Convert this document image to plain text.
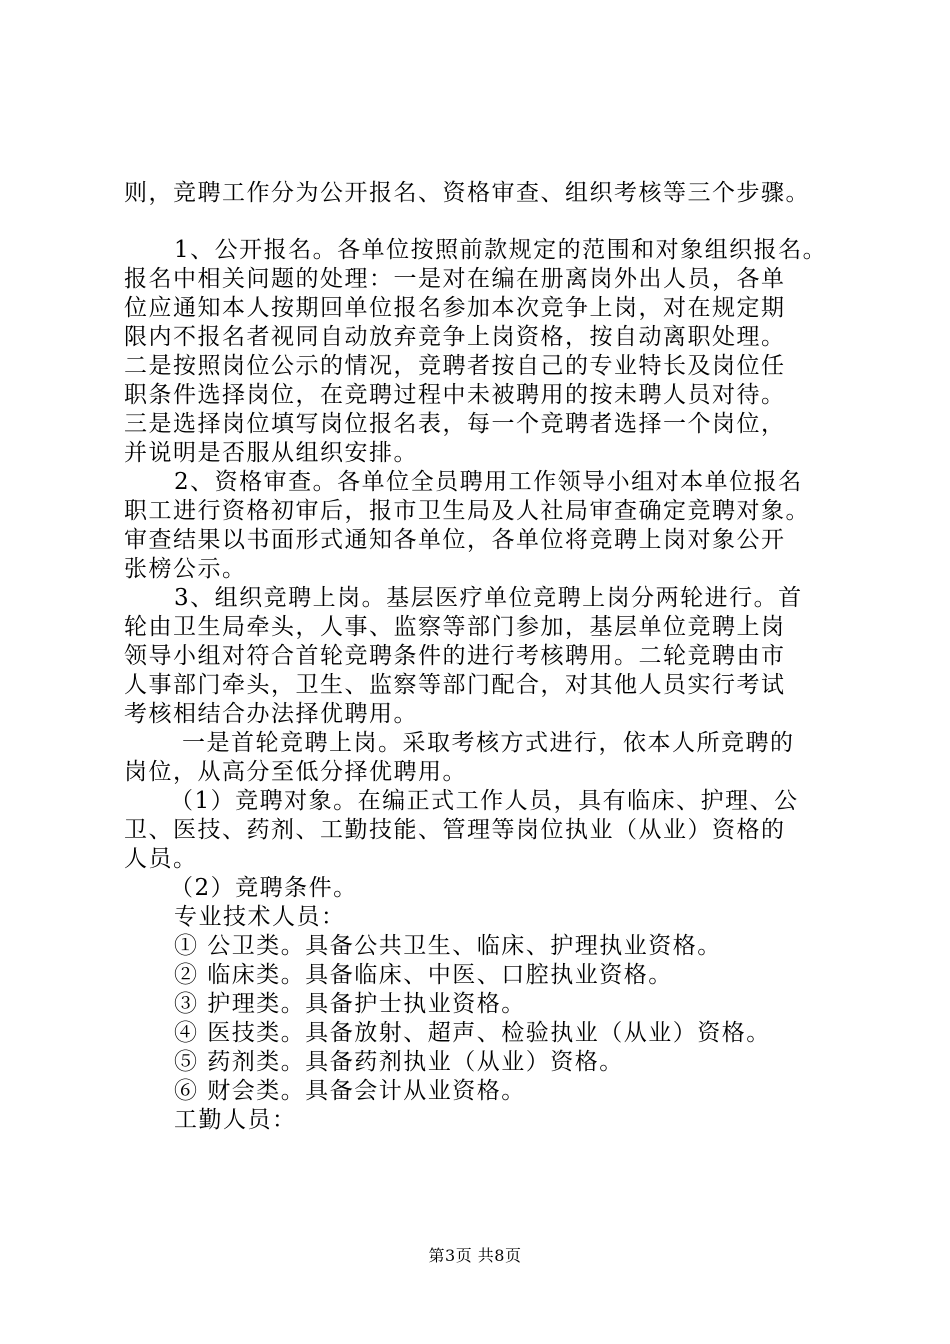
则，竞聘工作分为公开报名、资格审查、组织考核等三个步骤。
1、公开报名。各单位按照前款规定的范围和对象组织报名。
报名中相关问题的处理：一是对在编在册离岗外出人员，各单
位应通知本人按期回单位报名参加本次竞争上岗，对在规定期
限内不报名者视同自动放弃竞争上岗资格，按自动离职处理。
二是按照岗位公示的情况，竞聘者按自己的专业特长及岗位任
职条件选择岗位，在竞聘过程中未被聘用的按未聘人员对待。
三是选择岗位填写岗位报名表，每一个竞聘者选择一个岗位，
并说明是否服从组织安排。
2、资格审查。各单位全员聘用工作领导小组对本单位报名
职工进行资格初审后，报市卫生局及人社局审查确定竞聘对象。
审查结果以书面形式通知各单位，各单位将竞聘上岗对象公开
张榜公示。
3、组织竞聘上岗。基层医疗单位竞聘上岗分两轮进行。首
轮由卫生局牵头，人事、监察等部门参加，基层单位竞聘上岗
领导小组对符合首轮竞聘条件的进行考核聘用。二轮竞聘由市
人事部门牵头，卫生、监察等部门配合，对其他人员实行考试
考核相结合办法择优聘用。
一是首轮竞聘上岗。采取考核方式进行，依本人所竞聘的
岗位，从高分至低分择优聘用。
（1）竞聘对象。在编正式工作人员，具有临床、护理、公
卫、医技、药剂、工勤技能、管理等岗位执业（从业）资格的
人员。
（2）竞聘条件。
专业技术人员：
① 公卫类。具备公共卫生、临床、护理执业资格。
② 临床类。具备临床、中医、口腔执业资格。
③ 护理类。具备护士执业资格。
④ 医技类。具备放射、超声、检验执业（从业）资格。
⑤ 药剂类。具备药剂执业（从业）资格。
⑥ 财会类。具备会计从业资格。
工勤人员：
第3页 共8页
